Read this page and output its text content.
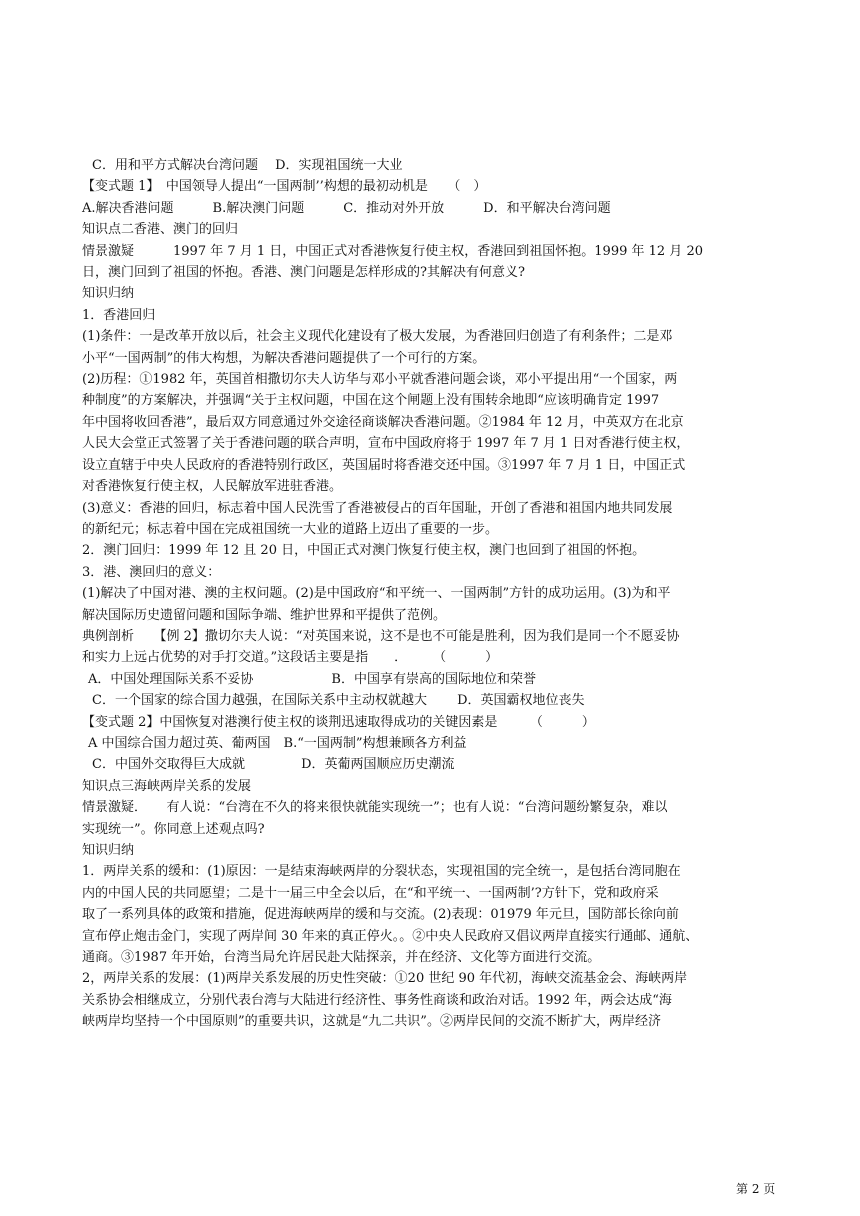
C．用和平方式解决台湾问题　 D．实现祖国统一大业

【变式题 1】　中国领导人提出“一国两制’’构想的最初动机是　　（　）

A.解决香港问题　　　B.解决澳门问题　　　C．推动对外开放　　　D．和平解决台湾问题

知识点二香港、澳门的回归

情景激疑　　　1997 年 7 月 1 日，中国正式对香港恢复行使主权，香港回到祖国怀抱。1999 年 12 月 20

日，澳门回到了祖国的怀抱。香港、澳门问题是怎样形成的?其解决有何意义?

知识归纳

1．香港回归

(1)条件：一是改革开放以后，社会主义现代化建设有了极大发展，为香港回归创造了有利条件；二是邓

小平“一国两制”的伟大构想，为解决香港问题提供了一个可行的方案。

(2)历程：①1982 年，英国首相撒切尔夫人访华与邓小平就香港问题会谈，邓小平提出用“一个国家，两

种制度”的方案解决，并强调“关于主权问题，中国在这个闸题上没有围转余地即“应该明确肯定 1997

年中国将收回香港”，最后双方同意通过外交途径商谈解决香港问题。②1984 年 12 月，中英双方在北京

人民大会堂正式签署了关于香港问题的联合声明，宣布中国政府将于 1997 年 7 月 1 日对香港行使主权，

设立直辖于中央人民政府的香港特别行政区，英国届时将香港交还中国。③1997 年 7 月 1 日，中国正式

对香港恢复行使主权，人民解放军进驻香港。

(3)意义：香港的回归，标志着中国人民洗雪了香港被侵占的百年国耻，开创了香港和祖国内地共同发展

的新纪元；标志着中国在完成祖国统一大业的道路上迈出了重要的一步。

2．澳门回归：1999 年 12 且 20 日，中国正式对澳门恢复行使主权，澳门也回到了祖国的怀抱。

3．港、澳回归的意义：

(1)解决了中国对港、澳的主权问题。(2)是中国政府“和平统一、一国两制”方针的成功运用。(3)为和平

解决国际历史遗留问题和国际争端、维护世界和平提供了范例。

典例剖析　　【例 2】撒切尔夫人说：“对英国来说，这不是也不可能是胜利，因为我们是同一个不愿妥协

和实力上远占优势的对手打交道。”这段话主要是指　　．　　　（　　　）

A．中国处理国际关系不妥协　　　　　　B．中国享有崇高的国际地位和荣誉

C．一个国家的综合国力越强，在国际关系中主动权就越大　　 D．英国霸权地位丧失

【变式题 2】中国恢复对港澳行使主权的谈荆迅速取得成功的关键因素是　　　（　　　）

A 中国综合国力超过英、葡两国　B.“一国两制”构想兼顾各方利益

C．中国外交取得巨大成就　　　　 D．英葡两国顺应历史潮流

知识点三海峡两岸关系的发展

情景激疑．　　有人说：“台湾在不久的将来很快就能实现统一”；也有人说：“台湾问题纷繁复杂，难以

实现统一”。你同意上述观点吗?

知识归纳

1．两岸关系的缓和：(1)原因：一是结束海峡两岸的分裂状态，实现祖国的完全统一，是包括台湾同胞在

内的中国人民的共同愿望；二是十一届三中全会以后，在“和平统一、一国两制’?方针下，党和政府采

取了一系列具体的政策和措施，促进海峡两岸的缓和与交流。(2)表现：01979 年元旦，国防部长徐向前

宣布停止炮击金门，实现了两岸间 30 年来的真正停火。。②中央人民政府又倡议两岸直接实行通邮、通航、

通商。③1987 年开始，台湾当局允许居民赴大陆探亲，并在经济、文化等方面进行交流。

2，两岸关系的发展：(1)两岸关系发展的历史性突破：①20 世纪 90 年代初，海峡交流基金会、海峡两岸

关系协会相继成立，分别代表台湾与大陆进行经济性、事务性商谈和政治对话。1992 年，两会达成“海

峡两岸均坚持一个中国原则”的重要共识，这就是“九二共识”。②两岸民间的交流不断扩大，两岸经济

第 2 页
